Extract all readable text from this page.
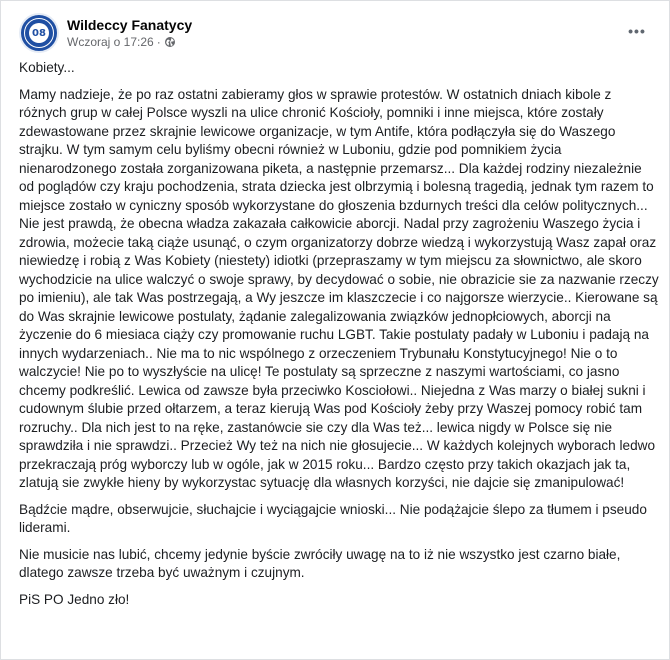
08 Wildeccy Fanatycy
Wczoraj o 17:26 ·
•••

Kobiety...

Mamy nadzieje, że po raz ostatni zabieramy głos w sprawie protestów. W ostatnich dniach kibole z różnych grup w całej Polsce wyszli na ulice chronić Kościoły, pomniki i inne miejsca, które zostały zdewastowane przez skrajnie lewicowe organizacje, w tym Antife, która podłączyła się do Waszego strajku. W tym samym celu byliśmy obecni również w Luboniu, gdzie pod pomnikiem życia nienarodzonego została zorganizowana piketa, a następnie przemarsz... Dla każdej rodziny niezależnie od poglądów czy kraju pochodzenia, strata dziecka jest olbrzymią i bolesną tragedią, jednak tym razem to miejsce zostało w cyniczny sposób wykorzystane do głoszenia bzdurnych treści dla celów politycznych... Nie jest prawdą, że obecna władza zakazała całkowicie aborcji. Nadal przy zagrożeniu Waszego życia i zdrowia, możecie taką ciąże usunąć, o czym organizatorzy dobrze wiedzą i wykorzystują Wasz zapał oraz niewiedzę i robią z Was Kobiety (niestety) idiotki (przepraszamy w tym miejscu za słownictwo, ale skoro wychodzicie na ulice walczyć o swoje sprawy, by decydować o sobie, nie obrazicie sie za nazwanie rzeczy po imieniu), ale tak Was postrzegają, a Wy jeszcze im klaszczecie i co najgorsze wierzycie.. Kierowane są do Was skrajnie lewicowe postulaty, żądanie zalegalizowania związków jednopłciowych, aborcji na życzenie do 6 miesiaca ciąży czy promowanie ruchu LGBT. Takie postulaty padały w Luboniu i padają na innych wydarzeniach.. Nie ma to nic wspólnego z orzeczeniem Trybunału Konstytucyjnego! Nie o to walczycie! Nie po to wyszłyście na ulicę! Te postulaty są sprzeczne z naszymi wartościami, co jasno chcemy podkreślić. Lewica od zawsze była przeciwko Kosciołowi.. Niejedna z Was marzy o białej sukni i cudownym ślubie przed ołtarzem, a teraz kierują Was pod Kościoły żeby przy Waszej pomocy robić tam rozruchy.. Dla nich jest to na ręke, zastanówcie sie czy dla Was też... lewica nigdy w Polsce się nie sprawdziła i nie sprawdzi.. Przecież Wy też na nich nie głosujecie... W każdych kolejnych wyborach ledwo przekraczają próg wyborczy lub w ogóle, jak w 2015 roku... Bardzo często przy takich okazjach jak ta, zlatują sie zwykłe hieny by wykorzystac sytuację dla własnych korzyści, nie dajcie się zmanipulować!

Bądźcie mądre, obserwujcie, słuchajcie i wyciągajcie wnioski... Nie podążajcie ślepo za tłumem i pseudo liderami.

Nie musicie nas lubić, chcemy jedynie byście zwróciły uwagę na to iż nie wszystko jest czarno białe, dlatego zawsze trzeba być uważnym i czujnym.

PiS PO Jedno zło!
